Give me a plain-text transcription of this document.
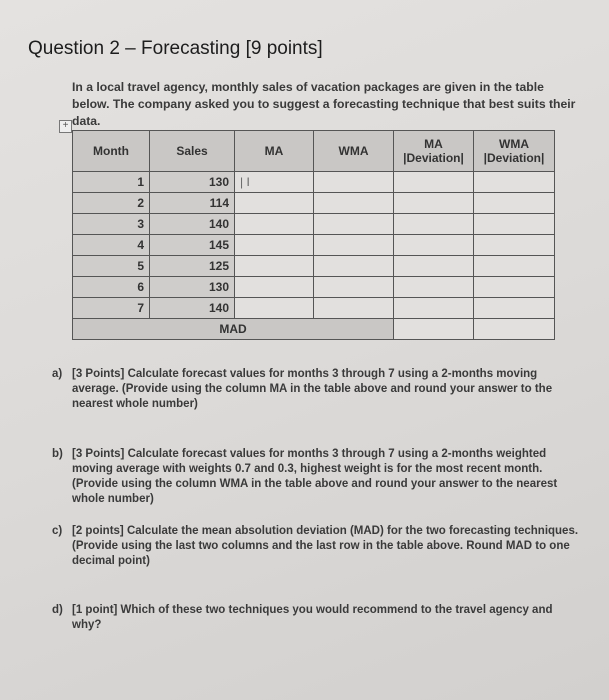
Question 2 – Forecasting [9 points]
In a local travel agency, monthly sales of vacation packages are given in the table below. The company asked you to suggest a forecasting technique that best suits their data.
+
Month	Sales	MA	WMA	MA |Deviation|	WMA |Deviation|
1	130	| I			
2	114				
3	140				
4	145				
5	125				
6	130				
7	140				
MAD					
a) [3 Points] Calculate forecast values for months 3 through 7 using a 2-months moving average. (Provide using the column MA in the table above and round your answer to the nearest whole number)
b) [3 Points] Calculate forecast values for months 3 through 7 using a 2-months weighted moving average with weights 0.7 and 0.3, highest weight is for the most recent month. (Provide using the column WMA in the table above and round your answer to the nearest whole number)
c) [2 points] Calculate the mean absolution deviation (MAD) for the two forecasting techniques. (Provide using the last two columns and the last row in the table above. Round MAD to one decimal point)
d) [1 point] Which of these two techniques you would recommend to the travel agency and why?
